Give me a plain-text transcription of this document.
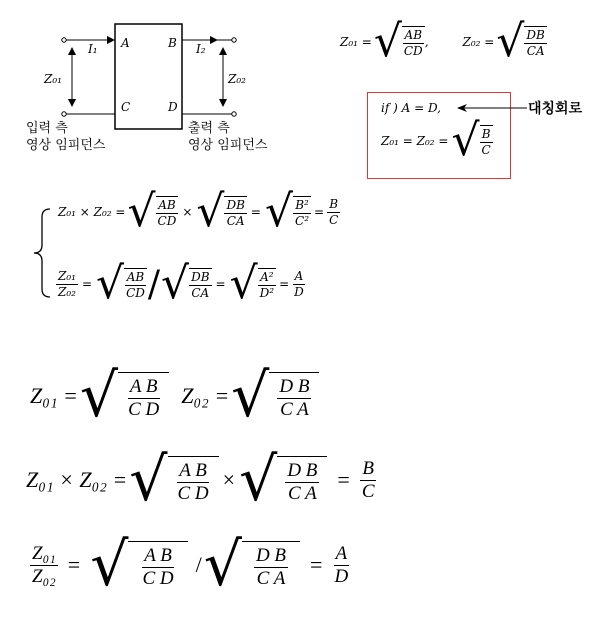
I₁	I₂
Z₀₁	Z₀₂
A	B
C	D
입력 측
영상 임피던스
출력 측
영상 임피던스
Z₀₁ = √ $\frac{AB}{CD}$ ,	Z₀₂ = √ $\frac{DB}{CA}$
if ) A = D,	대칭회로
Z₀₁ = Z₀₂ = √ $\frac{B}{C}$
Z₀₁ × Z₀₂ = √ $\frac{AB}{CD}$ × √ $\frac{DB}{CA}$ = √ $\frac{\text{B²}}{\text{C²}} = \frac{B}{C}$
$\frac{\text{Z₀₁}}{\text{Z₀₂}}$ = √ $\frac{AB}{CD}$ / √ $\frac{DB}{CA}$ = √ $\frac{\text{A²}}{\text{D²}} = \frac{A}{D}$
Z₀₁ = √ A B
C D
Z₀₂ = √ D B
C A
Z₀₁ × Z₀₂ = √ $\frac{\text{A B}}{\text{C D}}$ × √ $\frac{\text{D B}}{\text{C A}} = \frac{B}{C}$
$\frac{\text{Z₀₁}}{\text{Z₀₂}}$ = √ A B
C D
/ √ $\frac{\text{D B}}{\text{C A}} = \frac{A}{D}$
